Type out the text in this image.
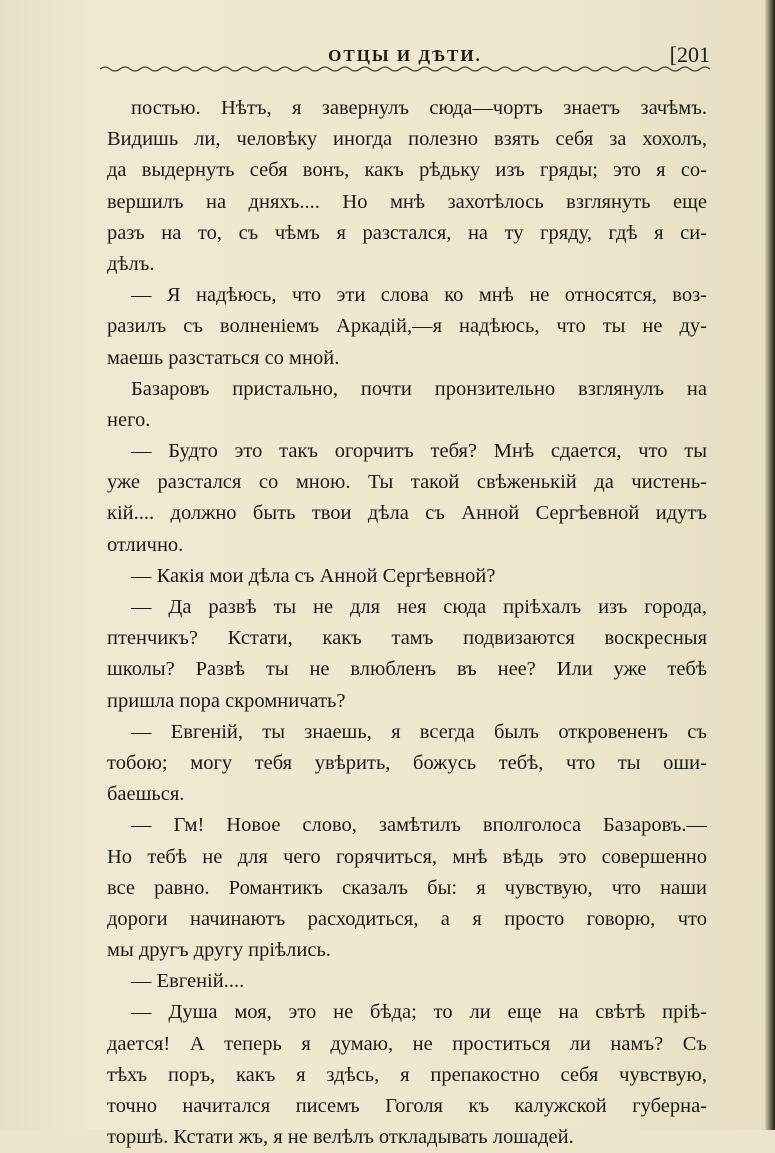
ОТЦЫ И ДѢТИ.	[201

постью. Нѣтъ, я завернулъ сюда—чортъ знаетъ зачѣмъ.
Видишь ли, человѣку иногда полезно взять себя за хохолъ,
да выдернуть себя вонъ, какъ рѣдьку изъ гряды; это я со-
вершилъ на дняхъ.... Но мнѣ захотѣлось взглянуть еще
разъ на то, съ чѣмъ я разстался, на ту гряду, гдѣ я си-
дѣлъ.

— Я надѣюсь, что эти слова ко мнѣ не относятся, воз-
разилъ съ волненіемъ Аркадій,—я надѣюсь, что ты не ду-
маешь разстаться со мной.

Базаровъ пристально, почти пронзительно взглянулъ на
него.

— Будто это такъ огорчитъ тебя? Мнѣ сдается, что ты
уже разстался со мною. Ты такой свѣженькій да чистень-
кій.... должно быть твои дѣла съ Анной Сергѣевной идутъ
отлично.

— Какія мои дѣла съ Анной Сергѣевной?

— Да развѣ ты не для нея сюда пріѣхалъ изъ города,
птенчикъ? Кстати, какъ тамъ подвизаются воскресныя
школы? Развѣ ты не влюбленъ въ нее? Или уже тебѣ
пришла пора скромничать?

— Евгеній, ты знаешь, я всегда былъ откровененъ съ
тобою; могу тебя увѣрить, божусь тебѣ, что ты оши-
баешься.

— Гм! Новое слово, замѣтилъ вполголоса Базаровъ.—
Но тебѣ не для чего горячиться, мнѣ вѣдь это совершенно
все равно. Романтикъ сказалъ бы: я чувствую, что наши
дороги начинаютъ расходиться, а я просто говорю, что
мы другъ другу пріѣлись.

— Евгеній....

— Душа моя, это не бѣда; то ли еще на свѣтѣ пріѣ-
дается! А теперь я думаю, не проститься ли намъ? Съ
тѣхъ поръ, какъ я здѣсь, я препакостно себя чувствую,
точно начитался писемъ Гоголя къ калужской губерна-
торшѣ. Кстати жъ, я не велѣлъ откладывать лошадей.
